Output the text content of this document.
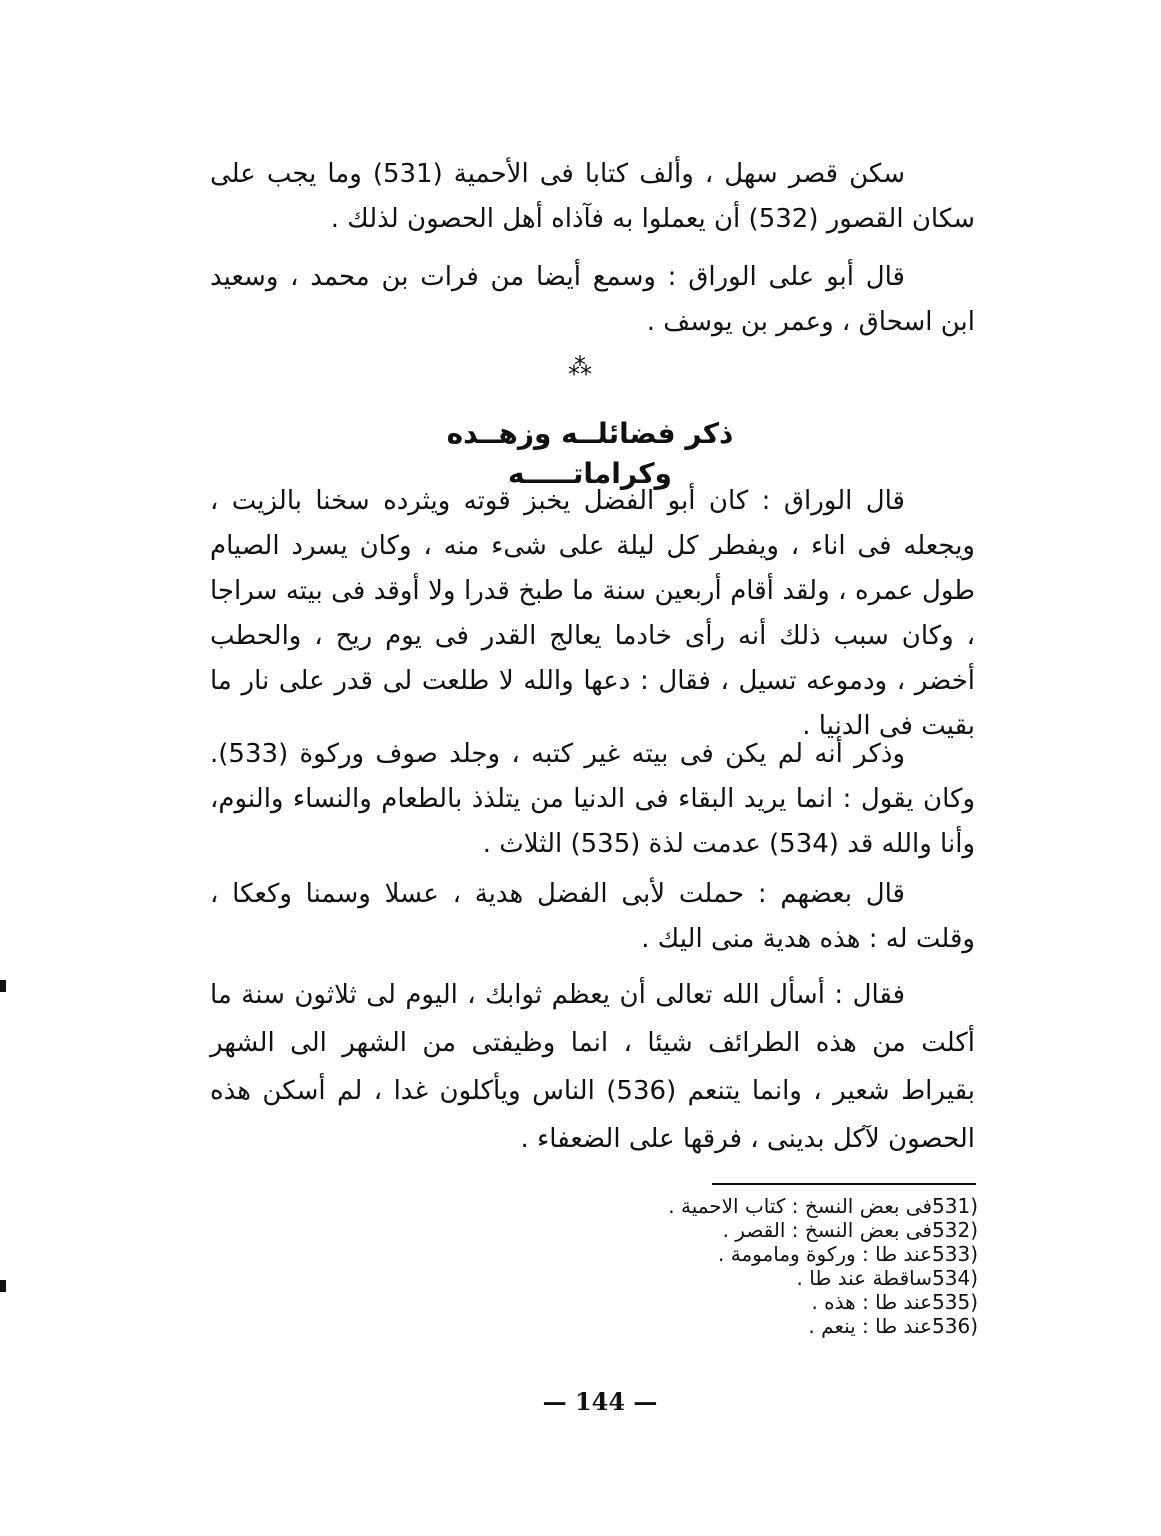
سكن قصر سهل ، وألف كتابا فى الأحمية (531) وما يجب على سكان القصور (532) أن يعملوا به فآذاه أهل الحصون لذلك .

قال أبو على الوراق : وسمع أيضا من فرات بن محمد ، وسعيد ابن اسحاق ، وعمر بن يوسف .

⁂
ذكر فضائلــه وزهــده وكراماتـــــه

قال الوراق : كان أبو الفضل يخبز قوته ويثرده سخنا بالزيت ، ويجعله فى اناء ، ويفطر كل ليلة على شىء منه ، وكان يسرد الصيام طول عمره ، ولقد أقام أربعين سنة ما طبخ قدرا ولا أوقد فى بيته سراجا ، وكان سبب ذلك أنه رأى خادما يعالج القدر فى يوم ريح ، والحطب أخضر ، ودموعه تسيل ، فقال : دعها والله لا طلعت لى قدر على نار ما بقيت فى الدنيا .

وذكر أنه لم يكن فى بيته غير كتبه ، وجلد صوف وركوة (533). وكان يقول : انما يريد البقاء فى الدنيا من يتلذذ بالطعام والنساء والنوم، وأنا والله قد (534) عدمت لذة (535) الثلاث .

قال بعضهم : حملت لأبى الفضل هدية ، عسلا وسمنا وكعكا ، وقلت له : هذه هدية منى اليك .

فقال : أسأل الله تعالى أن يعظم ثوابك ، اليوم لى ثلاثون سنة ما أكلت من هذه الطرائف شيئا ، انما وظيفتى من الشهر الى الشهر بقيراط شعير ، وانما يتنعم (536) الناس ويأكلون غدا ، لم أسكن هذه الحصون لآكل بدينى ، فرقها على الضعفاء .

531)
فى بعض النسخ : كتاب الاحمية .
532)
فى بعض النسخ : القصر .
533)
عند طا : وركوة ومامومة .
534)
ساقطة عند طا .
535)
عند طا : هذه .
536)
عند طا : ينعم .
— 144 —
